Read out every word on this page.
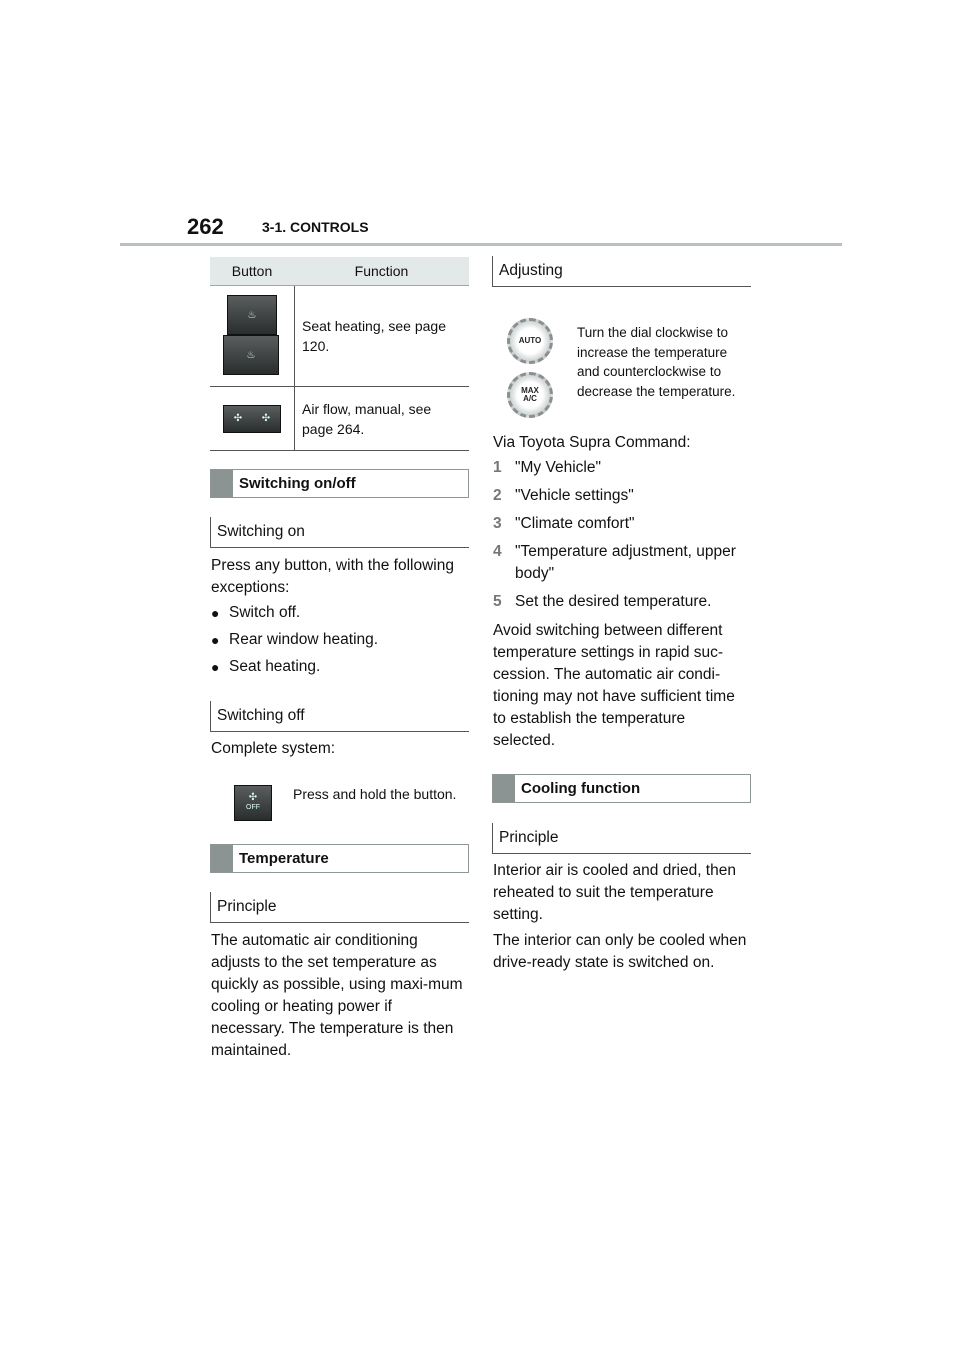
262	3-1. CONTROLS
Button	Function
♨
♨
Seat heating, see page 120.
✣ ✣
Air flow, manual, see page 264.
Switching on/off
Switching on
Press any button, with the following exceptions:
● Switch off.
● Rear window heating.
● Seat heating.
Switching off
Complete system:
✣
OFF
Press and hold the button.
Temperature
Principle
The automatic air conditioning adjusts to the set temperature as quickly as possible, using maxi-mum cooling or heating power if necessary. The temperature is then maintained.
Adjusting
AUTO
MAX
A/C
Turn the dial clockwise to increase the temperature and counterclockwise to decrease the temperature.
Via Toyota Supra Command:
1 "My Vehicle"
2 "Vehicle settings"
3 "Climate comfort"
4 "Temperature adjustment, upper body"
5 Set the desired temperature.
Avoid switching between different temperature settings in rapid suc-cession. The automatic air condi-tioning may not have sufficient time to establish the temperature selected.
Cooling function
Principle
Interior air is cooled and dried, then reheated to suit the temperature setting.
The interior can only be cooled when drive-ready state is switched on.
